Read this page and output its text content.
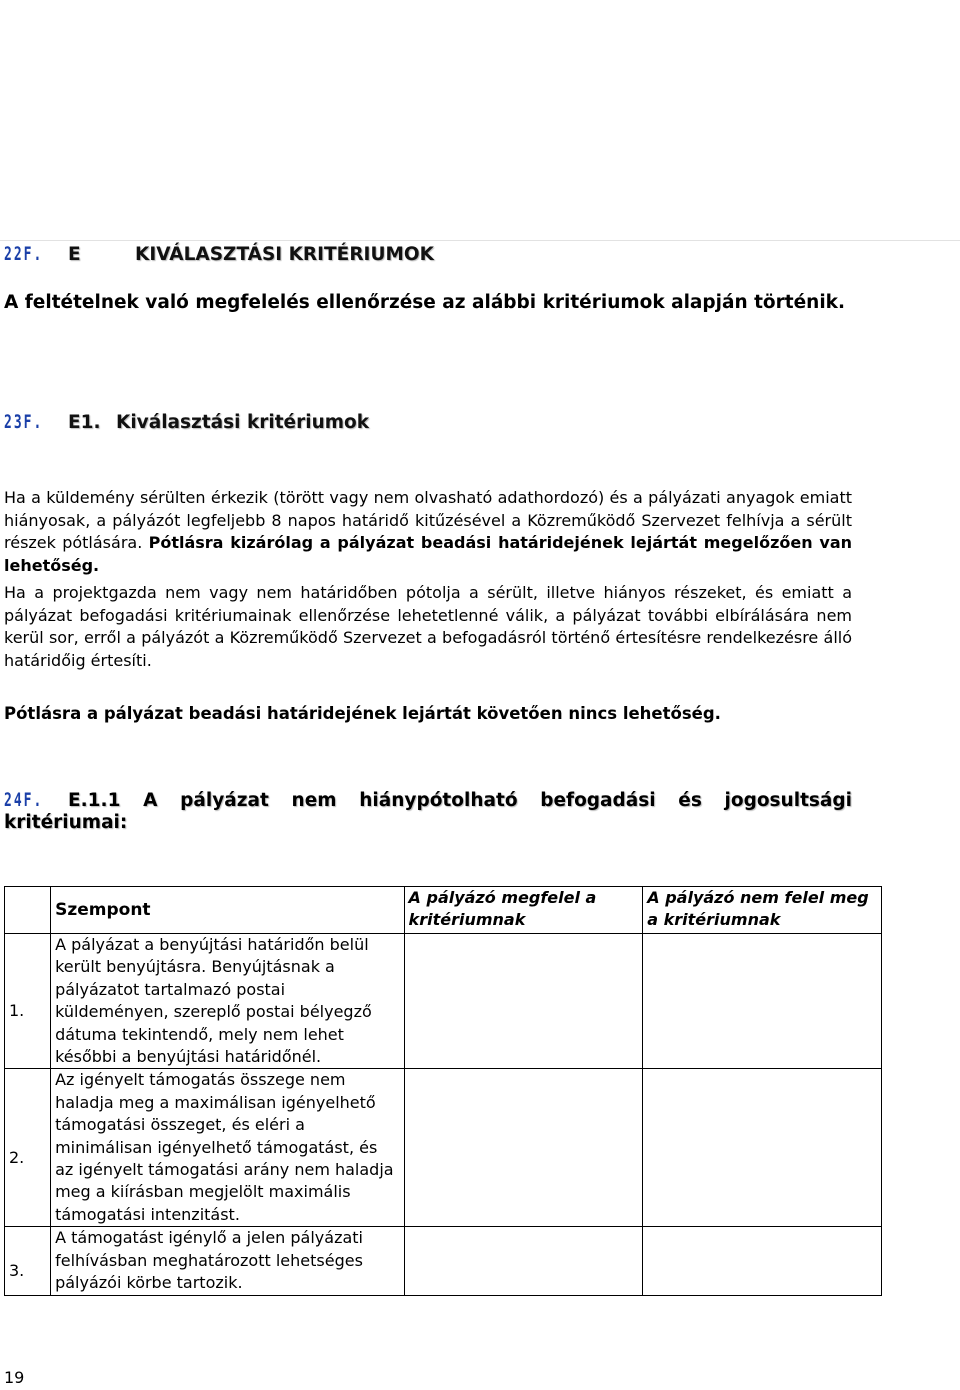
22F. E	KIVÁLASZTÁSI KRITÉRIUMOK
A feltételnek való megfelelés ellenőrzése az alábbi kritériumok alapján történik.
23F. E1. Kiválasztási kritériumok
Ha a küldemény sérülten érkezik (törött vagy nem olvasható adathordozó) és a pályázati anyagok emiatt hiányosak, a pályázót legfeljebb 8 napos határidő kitűzésével a Közreműködő Szervezet felhívja a sérült részek pótlására. Pótlásra kizárólag a pályázat beadási határidejének lejártát megelőzően van lehetőség.
Ha a projektgazda nem vagy nem határidőben pótolja a sérült, illetve hiányos részeket, és emiatt a pályázat befogadási kritériumainak ellenőrzése lehetetlenné válik, a pályázat további elbírálására nem kerül sor, erről a pályázót a Közreműködő Szervezet a befogadásról történő értesítésre rendelkezésre álló határidőig értesíti.
Pótlásra a pályázat beadási határidejének lejártát követően nincs lehetőség.
24F.	E.1.1 A pályázat nem hiánypótolható befogadási és jogosultsági kritériumai:
	Szempont	A pályázó megfelel a kritériumnak	A pályázó nem felel meg a kritériumnak

1.	A pályázat a benyújtási határidőn belül került benyújtásra. Benyújtásnak a pályázatot tartalmazó postai küldeményen, szereplő postai bélyegző dátuma tekintendő, mely nem lehet későbbi a benyújtási határidőnél.		

2.	Az igényelt támogatás összege nem haladja meg a maximálisan igényelhető támogatási összeget, és eléri a minimálisan igényelhető támogatást, és az igényelt támogatási arány nem haladja meg a kiírásban megjelölt maximális támogatási intenzitást.		

3.	A támogatást igénylő a jelen pályázati felhívásban meghatározott lehetséges pályázói körbe tartozik.		
19
